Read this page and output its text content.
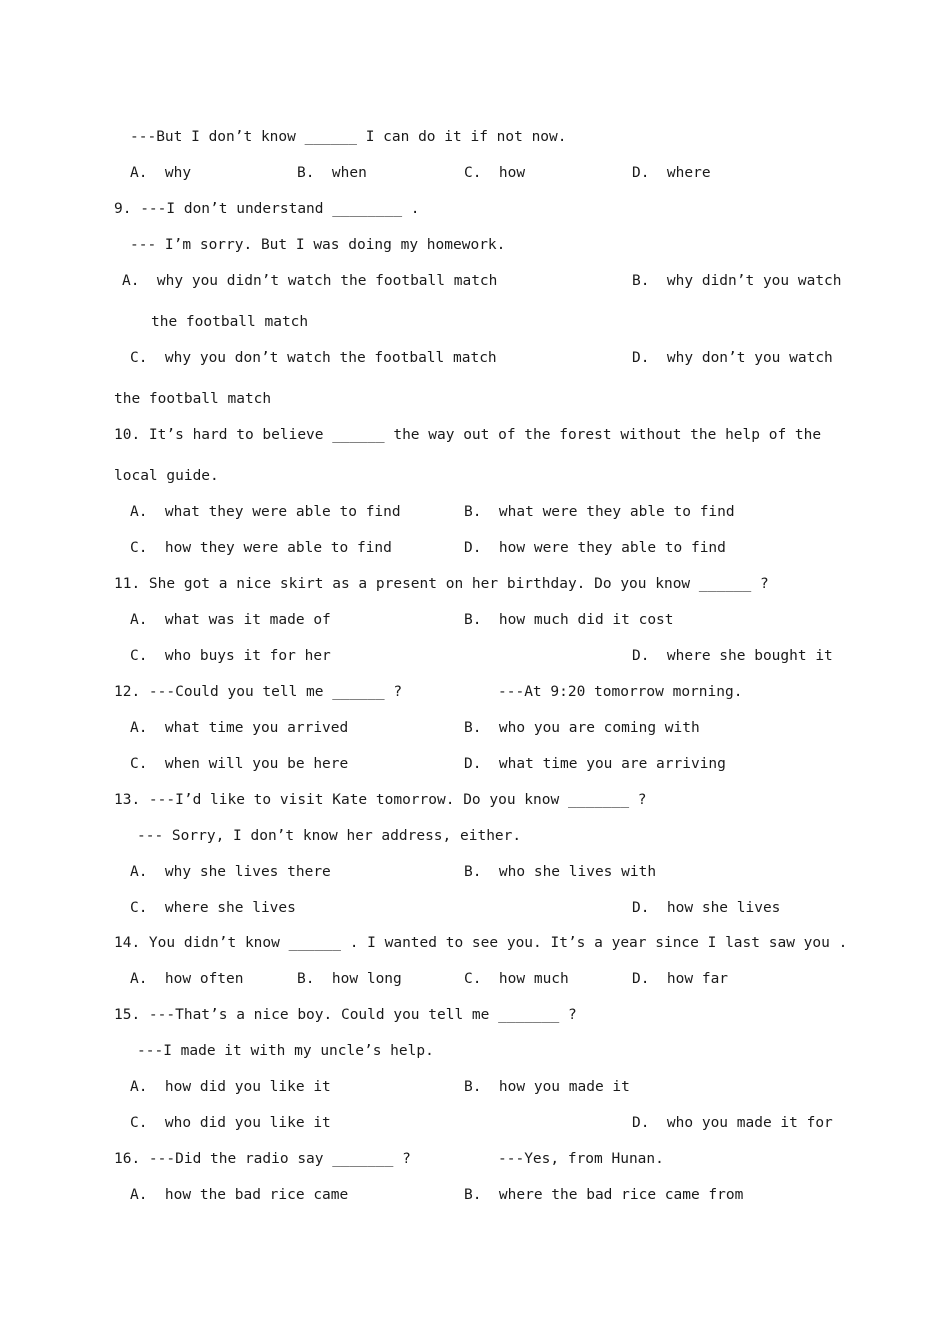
---But I don’t know ______ I can do it if not now.
A.  why	B.  when	C.  how	D.  where
9. ---I don’t understand ________ .
--- I’m sorry. But I was doing my homework.
A.  why you didn’t watch the football match	B.  why didn’t you watch
the football match
C.  why you don’t watch the football match	D.  why don’t you watch
the football match
10. It’s hard to believe ______ the way out of the forest without the help of the
local guide.
A.  what they were able to find	B.  what were they able to find
C.  how they were able to find	D.  how were they able to find
11. She got a nice skirt as a present on her birthday. Do you know ______ ?
A.  what was it made of	B.  how much did it cost
C.  who buys it for her	D.  where she bought it
12. ---Could you tell me ______ ?	---At 9:20 tomorrow morning.
A.  what time you arrived	B.  who you are coming with
C.  when will you be here	D.  what time you are arriving
13. ---I’d like to visit Kate tomorrow. Do you know _______ ?
--- Sorry, I don’t know her address, either.
A.  why she lives there	B.  who she lives with
C.  where she lives	D.  how she lives
14. You didn’t know ______ . I wanted to see you. It’s a year since I last saw you .
A.  how often	B.  how long	C.  how much	D.  how far
15. ---That’s a nice boy. Could you tell me _______ ?
---I made it with my uncle’s help.
A.  how did you like it	B.  how you made it
C.  who did you like it	D.  who you made it for
16. ---Did the radio say _______ ?	---Yes, from Hunan.
A.  how the bad rice came	B.  where the bad rice came from
